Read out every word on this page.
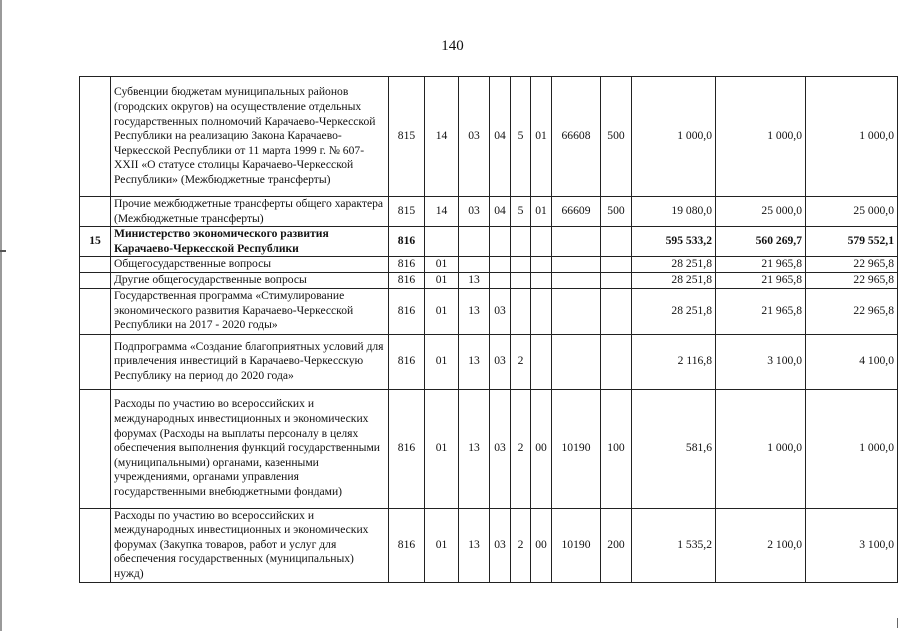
140
	Субвенции бюджетам муниципальных районов (городских округов) на осуществление отдельных государственных полномочий Карачаево-Черкесской Республики на реализацию Закона Карачаево-Черкесской Республики от 11 марта 1999 г. № 607-XXII «О статусе столицы Карачаево-Черкесской Республики» (Межбюджетные трансферты)	815	14	03	04	5	01	66608	500	1 000,0	1 000,0	1 000,0
	Прочие межбюджетные трансферты общего характера (Межбюджетные трансферты)	815	14	03	04	5	01	66609	500	19 080,0	25 000,0	25 000,0
15	Министерство экономического развития Карачаево-Черкесской Республики	816								595 533,2	560 269,7	579 552,1
	Общегосударственные вопросы	816	01							28 251,8	21 965,8	22 965,8
	Другие общегосударственные вопросы	816	01	13						28 251,8	21 965,8	22 965,8
	Государственная программа «Стимулирование экономического развития Карачаево-Черкесской Республики на 2017 - 2020 годы»	816	01	13	03					28 251,8	21 965,8	22 965,8
	Подпрограмма «Создание благоприятных условий для привлечения инвестиций в Карачаево-Черкесскую Республику на период до 2020 года»	816	01	13	03	2				2 116,8	3 100,0	4 100,0
	Расходы по участию во всероссийских и международных инвестиционных и экономических форумах (Расходы на выплаты персоналу в целях обеспечения выполнения функций государственными (муниципальными) органами, казенными учреждениями, органами управления государственными внебюджетными фондами)	816	01	13	03	2	00	10190	100	581,6	1 000,0	1 000,0
	Расходы по участию во всероссийских и международных инвестиционных и экономических форумах (Закупка товаров, работ и услуг для обеспечения государственных (муниципальных) нужд)	816	01	13	03	2	00	10190	200	1 535,2	2 100,0	3 100,0
